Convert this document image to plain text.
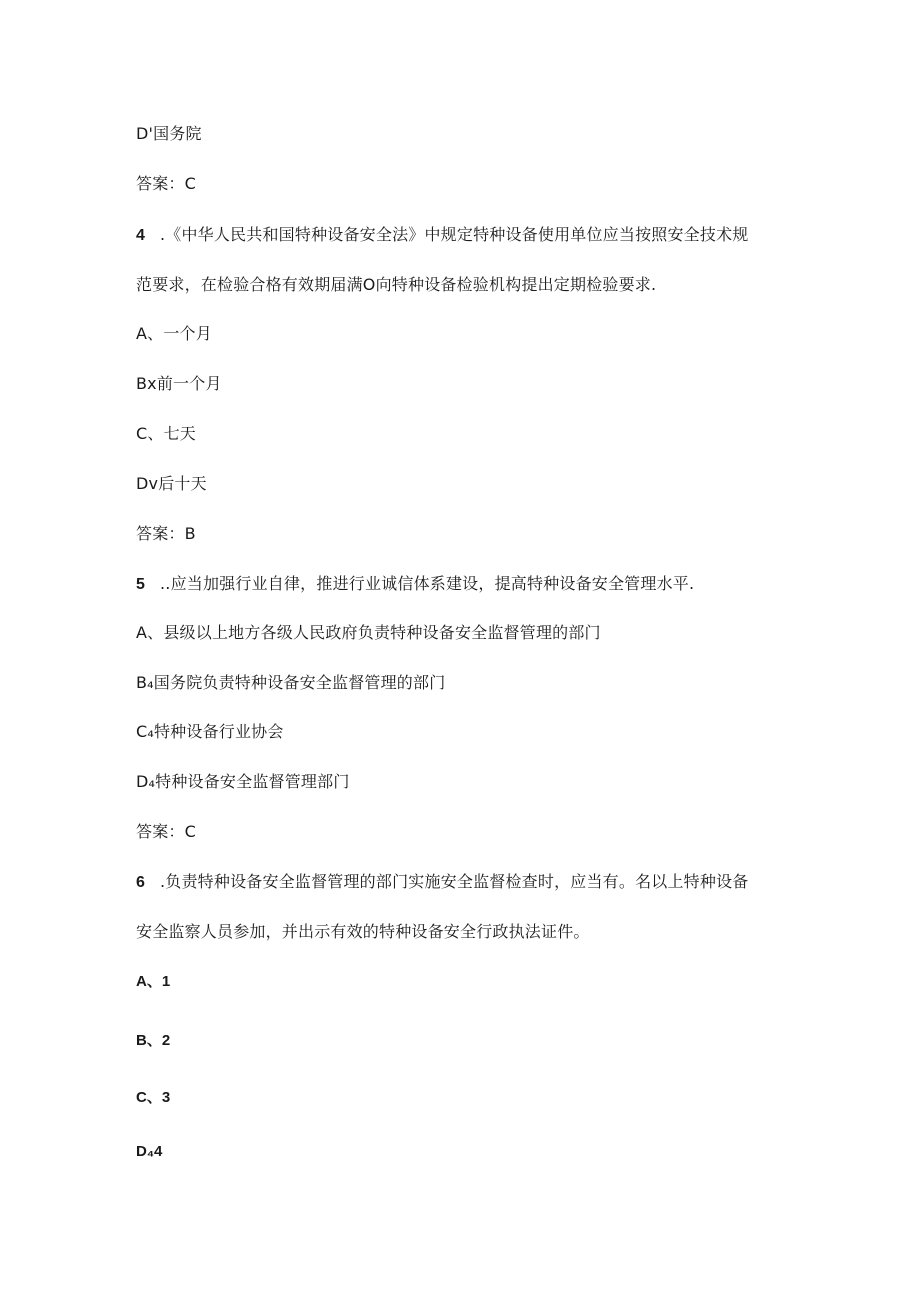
D'国务院
答案：C
4 .《中华人民共和国特种设备安全法》中规定特种设备使用单位应当按照安全技术规
范要求，在检验合格有效期届满O向特种设备检验机构提出定期检验要求.
A、一个月
Bx前一个月
C、七天
Dv后十天
答案：B
5 ..应当加强行业自律，推进行业诚信体系建设，提高特种设备安全管理水平.
A、县级以上地方各级人民政府负责特种设备安全监督管理的部门
B₄国务院负责特种设备安全监督管理的部门
C₄特种设备行业协会
D₄特种设备安全监督管理部门
答案：C
6 .负责特种设备安全监督管理的部门实施安全监督检查时，应当有。名以上特种设备
安全监察人员参加，并出示有效的特种设备安全行政执法证件。
A、1
B、2
C、3
D₄4
